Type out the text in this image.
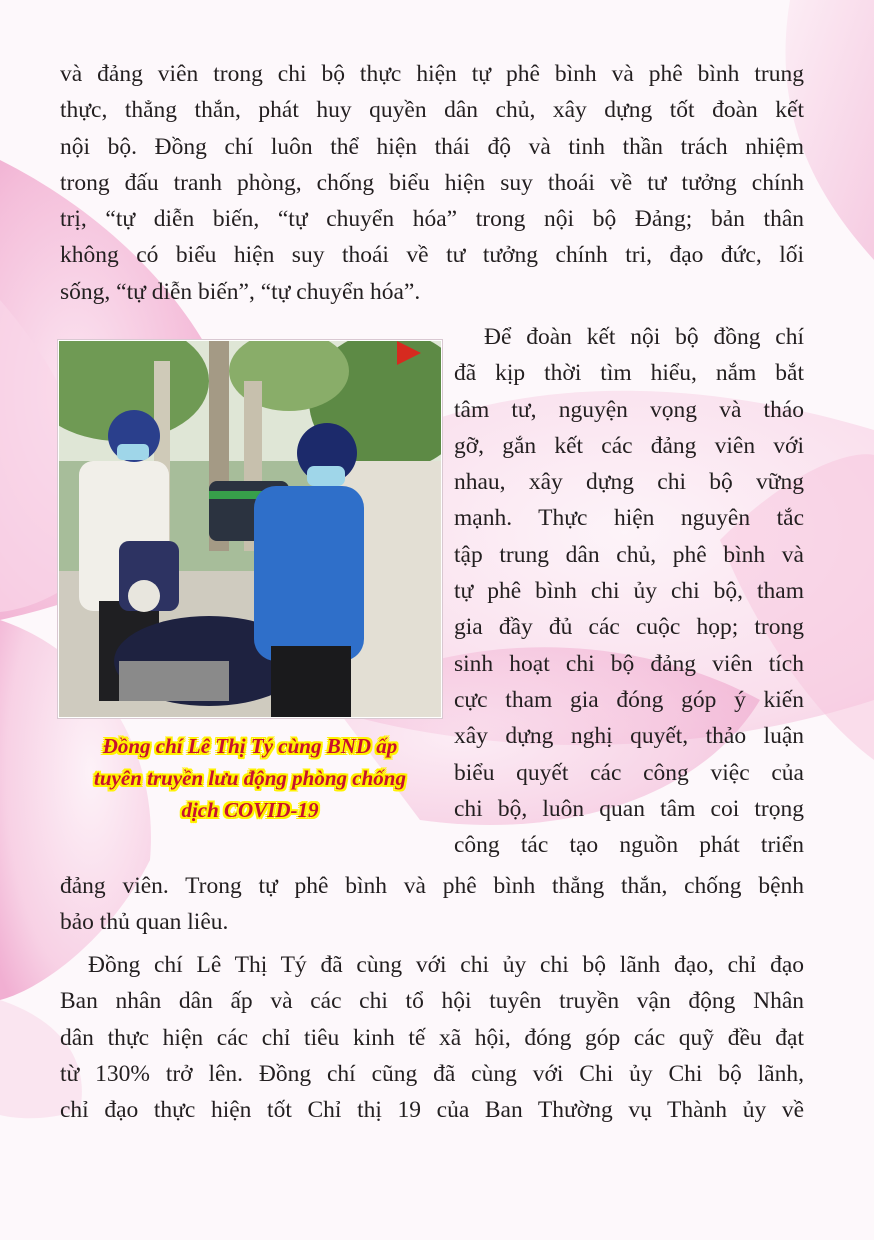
và đảng viên trong chi bộ thực hiện tự phê bình và phê bình trung
thực, thẳng thắn, phát huy quyền dân chủ, xây dựng tốt đoàn kết
nội bộ. Đồng chí luôn thể hiện thái độ và tinh thần trách nhiệm
trong đấu tranh phòng, chống biểu hiện suy thoái về tư tưởng chính
trị, “tự diễn biến, “tự chuyển hóa” trong nội bộ Đảng; bản thân
không có biểu hiện suy thoái về tư tưởng chính tri, đạo đức, lối
sống, “tự diễn biến”, “tự chuyển hóa”.

Đồng chí Lê Thị Tý cùng BND ấp
tuyên truyền lưu động phòng chống
dịch COVID-19

Để đoàn kết nội bộ đồng chí
đã kịp thời tìm hiểu, nắm bắt
tâm tư, nguyện vọng và tháo
gỡ, gắn kết các đảng viên với
nhau, xây dựng chi bộ vững
mạnh. Thực hiện nguyên tắc
tập trung dân chủ, phê bình và
tự phê bình chi ủy chi bộ, tham
gia đầy đủ các cuộc họp; trong
sinh hoạt chi bộ đảng viên tích
cực tham gia đóng góp ý kiến
xây dựng nghị quyết, thảo luận
biểu quyết các công việc của
chi bộ, luôn quan tâm coi trọng
công tác tạo nguồn phát triển
đảng viên. Trong tự phê bình và phê bình thẳng thắn, chống bệnh
bảo thủ quan liêu.
Đồng chí Lê Thị Tý đã cùng với chi ủy chi bộ lãnh đạo, chỉ đạo
Ban nhân dân ấp và các chi tổ hội tuyên truyền vận động Nhân
dân thực hiện các chỉ tiêu kinh tế xã hội, đóng góp các quỹ đều đạt
từ 130% trở lên. Đồng chí cũng đã cùng với Chi ủy Chi bộ lãnh,
chỉ đạo thực hiện tốt Chỉ thị 19 của Ban Thường vụ Thành ủy về
